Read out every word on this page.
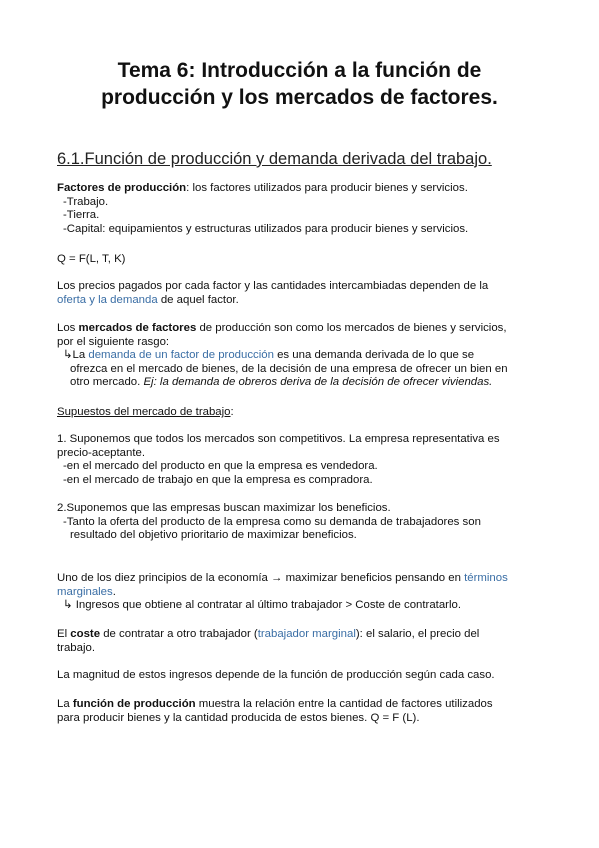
Tema 6: Introducción a la función de
producción y los mercados de factores.
6.1.Función de producción y demanda derivada del trabajo.
Factores de producción: los factores utilizados para producir bienes y servicios.
-Trabajo.
-Tierra.
-Capital: equipamientos y estructuras utilizados para producir bienes y servicios.
Q = F(L, T, K)
Los precios pagados por cada factor y las cantidades intercambiadas dependen de la
oferta y la demanda de aquel factor.
Los mercados de factores de producción son como los mercados de bienes y servicios,
por el siguiente rasgo:
↳La demanda de un factor de producción es una demanda derivada de lo que se
ofrezca en el mercado de bienes, de la decisión de una empresa de ofrecer un bien en
otro mercado. Ej: la demanda de obreros deriva de la decisión de ofrecer viviendas.
Supuestos del mercado de trabajo:
1. Suponemos que todos los mercados son competitivos. La empresa representativa es
precio-aceptante.
-en el mercado del producto en que la empresa es vendedora.
-en el mercado de trabajo en que la empresa es compradora.
2.Suponemos que las empresas buscan maximizar los beneficios.
-Tanto la oferta del producto de la empresa como su demanda de trabajadores son
resultado del objetivo prioritario de maximizar beneficios.
Uno de los diez principios de la economía → maximizar beneficios pensando en términos
marginales.
↳ Ingresos que obtiene al contratar al último trabajador > Coste de contratarlo.
El coste de contratar a otro trabajador (trabajador marginal): el salario, el precio del
trabajo.
La magnitud de estos ingresos depende de la función de producción según cada caso.
La función de producción muestra la relación entre la cantidad de factores utilizados
para producir bienes y la cantidad producida de estos bienes. Q = F (L).
